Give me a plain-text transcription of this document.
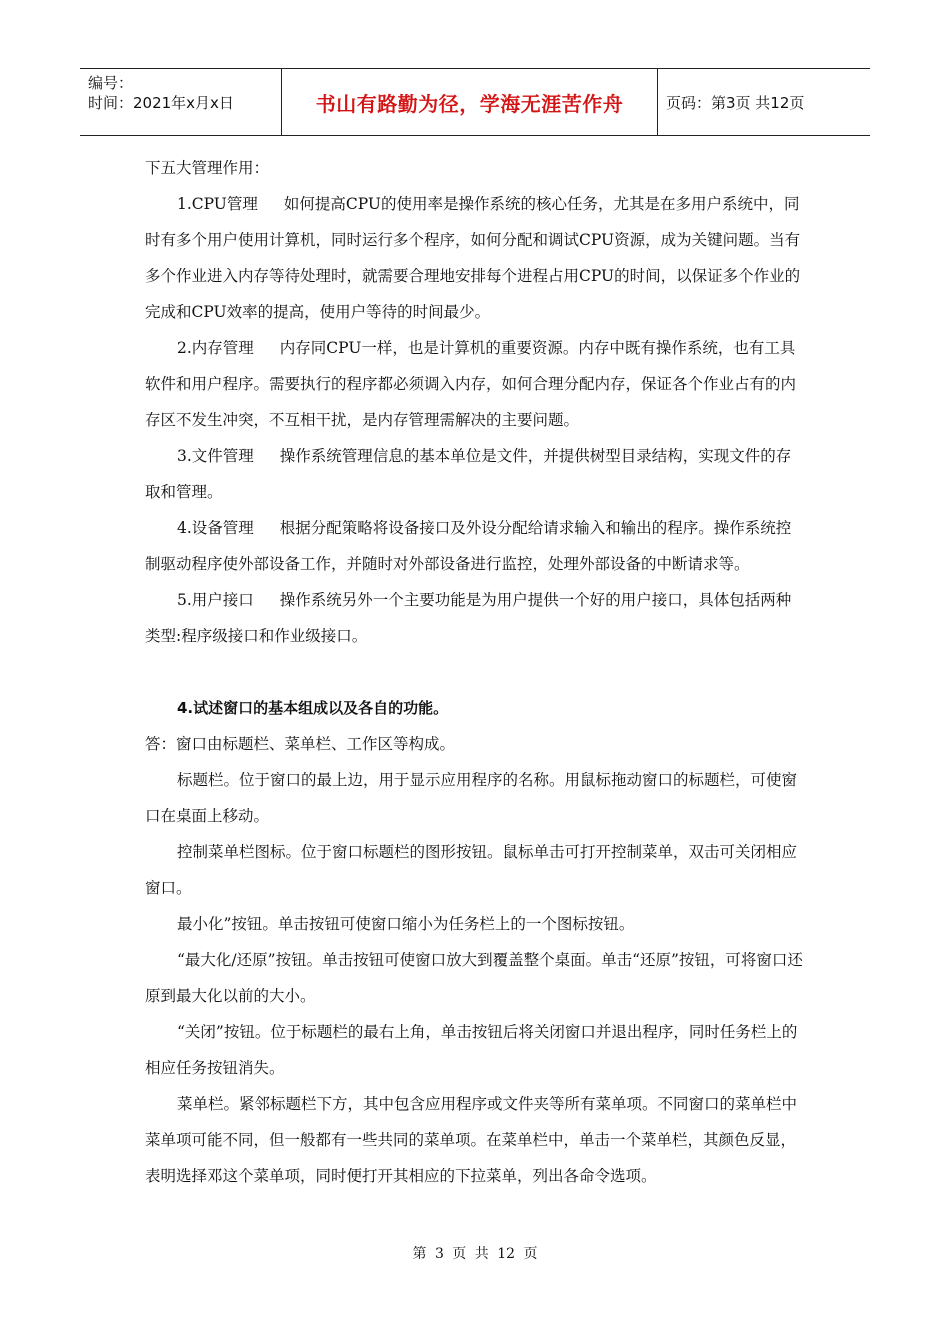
编号：
时间：2021年x月x日	书山有路勤为径，学海无涯苦作舟	页码：第3页 共12页

下五大管理作用：

1.CPU管理 如何提高CPU的使用率是操作系统的核心任务，尤其是在多用户系统中，同时有多个用户使用计算机，同时运行多个程序，如何分配和调试CPU资源，成为关键问题。当有多个作业进入内存等待处理时，就需要合理地安排每个进程占用CPU的时间，以保证多个作业的完成和CPU效率的提高，使用户等待的时间最少。

2.内存管理 内存同CPU一样，也是计算机的重要资源。内存中既有操作系统，也有工具软件和用户程序。需要执行的程序都必须调入内存，如何合理分配内存，保证各个作业占有的内存区不发生冲突，不互相干扰，是内存管理需解决的主要问题。

3.文件管理 操作系统管理信息的基本单位是文件，并提供树型目录结构，实现文件的存取和管理。

4.设备管理 根据分配策略将设备接口及外设分配给请求输入和输出的程序。操作系统控制驱动程序使外部设备工作，并随时对外部设备进行监控，处理外部设备的中断请求等。

5.用户接口 操作系统另外一个主要功能是为用户提供一个好的用户接口，具体包括两种类型:程序级接口和作业级接口。

4.试述窗口的基本组成以及各自的功能。

答：窗口由标题栏、菜单栏、工作区等构成。

标题栏。位于窗口的最上边，用于显示应用程序的名称。用鼠标拖动窗口的标题栏，可使窗口在桌面上移动。

控制菜单栏图标。位于窗口标题栏的图形按钮。鼠标单击可打开控制菜单，双击可关闭相应窗口。

最小化”按钮。单击按钮可使窗口缩小为任务栏上的一个图标按钮。

“最大化/还原”按钮。单击按钮可使窗口放大到覆盖整个桌面。单击“还原”按钮，可将窗口还原到最大化以前的大小。

“关闭”按钮。位于标题栏的最右上角，单击按钮后将关闭窗口并退出程序，同时任务栏上的相应任务按钮消失。

菜单栏。紧邻标题栏下方，其中包含应用程序或文件夹等所有菜单项。不同窗口的菜单栏中菜单项可能不同，但一般都有一些共同的菜单项。在菜单栏中，单击一个菜单栏，其颜色反显，表明选择邓这个菜单项，同时便打开其相应的下拉菜单，列出各命令选项。

第 3 页 共 12 页
